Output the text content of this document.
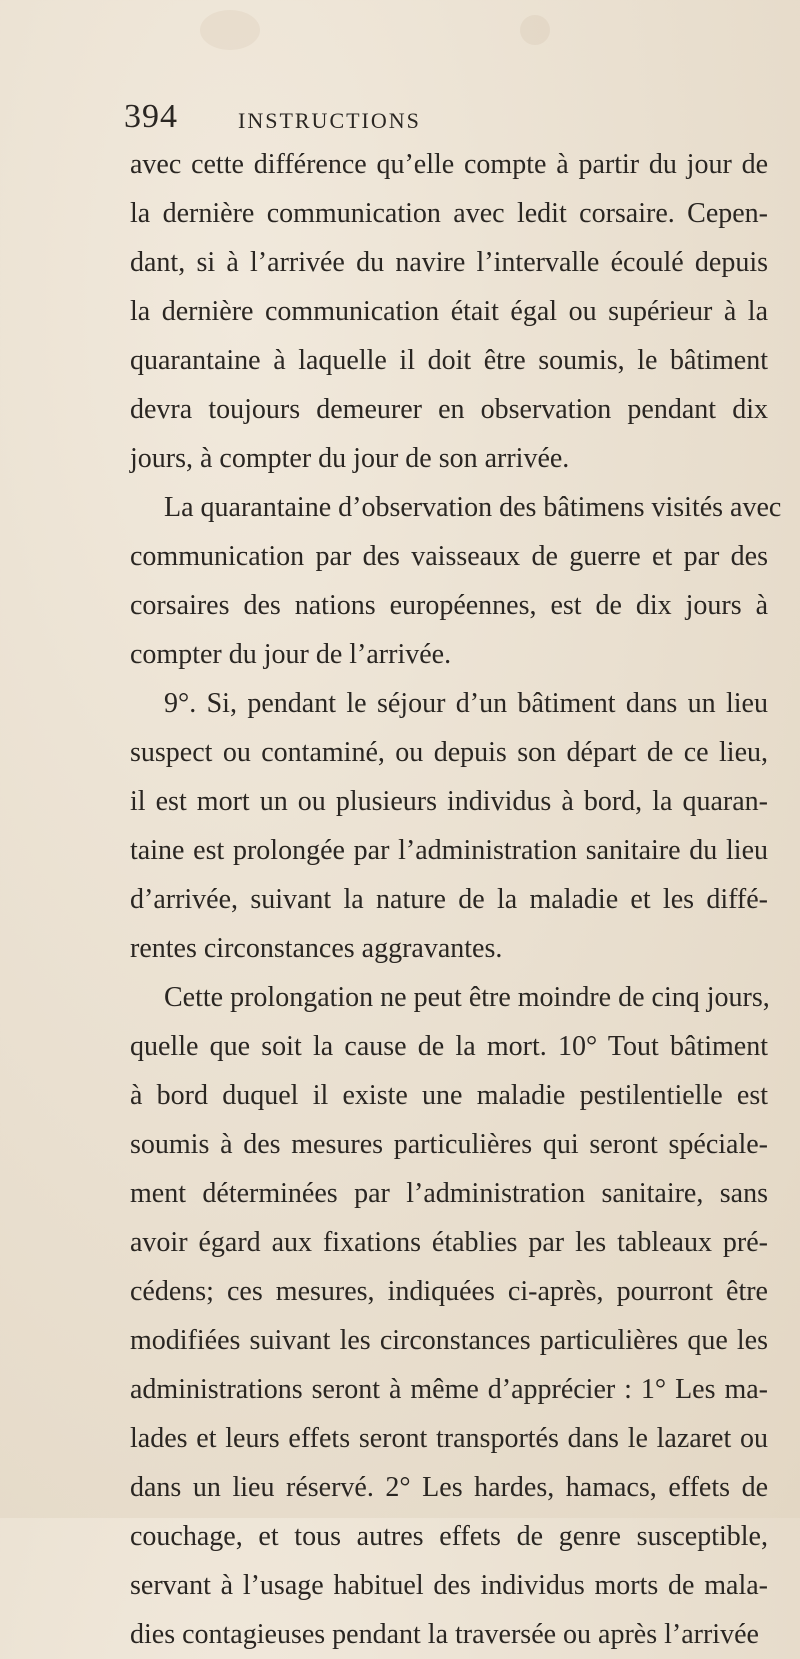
394	INSTRUCTIONS
avec cette différence qu’elle compte à partir du jour de
la dernière communication avec ledit corsaire. Cepen-
dant, si à l’arrivée du navire l’intervalle écoulé depuis
la dernière communication était égal ou supérieur à la
quarantaine à laquelle il doit être soumis, le bâtiment
devra toujours demeurer en observation pendant dix
jours, à compter du jour de son arrivée.
La quarantaine d’observation des bâtimens visités avec
communication par des vaisseaux de guerre et par des
corsaires des nations européennes, est de dix jours à
compter du jour de l’arrivée.
9°. Si, pendant le séjour d’un bâtiment dans un lieu
suspect ou contaminé, ou depuis son départ de ce lieu,
il est mort un ou plusieurs individus à bord, la quaran-
taine est prolongée par l’administration sanitaire du lieu
d’arrivée, suivant la nature de la maladie et les diffé-
rentes circonstances aggravantes.
Cette prolongation ne peut être moindre de cinq jours,
quelle que soit la cause de la mort. 10° Tout bâtiment
à bord duquel il existe une maladie pestilentielle est
soumis à des mesures particulières qui seront spéciale-
ment déterminées par l’administration sanitaire, sans
avoir égard aux fixations établies par les tableaux pré-
cédens; ces mesures, indiquées ci-après, pourront être
modifiées suivant les circonstances particulières que les
administrations seront à même d’apprécier : 1° Les ma-
lades et leurs effets seront transportés dans le lazaret ou
dans un lieu réservé. 2° Les hardes, hamacs, effets de
couchage, et tous autres effets de genre susceptible,
servant à l’usage habituel des individus morts de mala-
dies contagieuses pendant la traversée ou après l’arrivée
